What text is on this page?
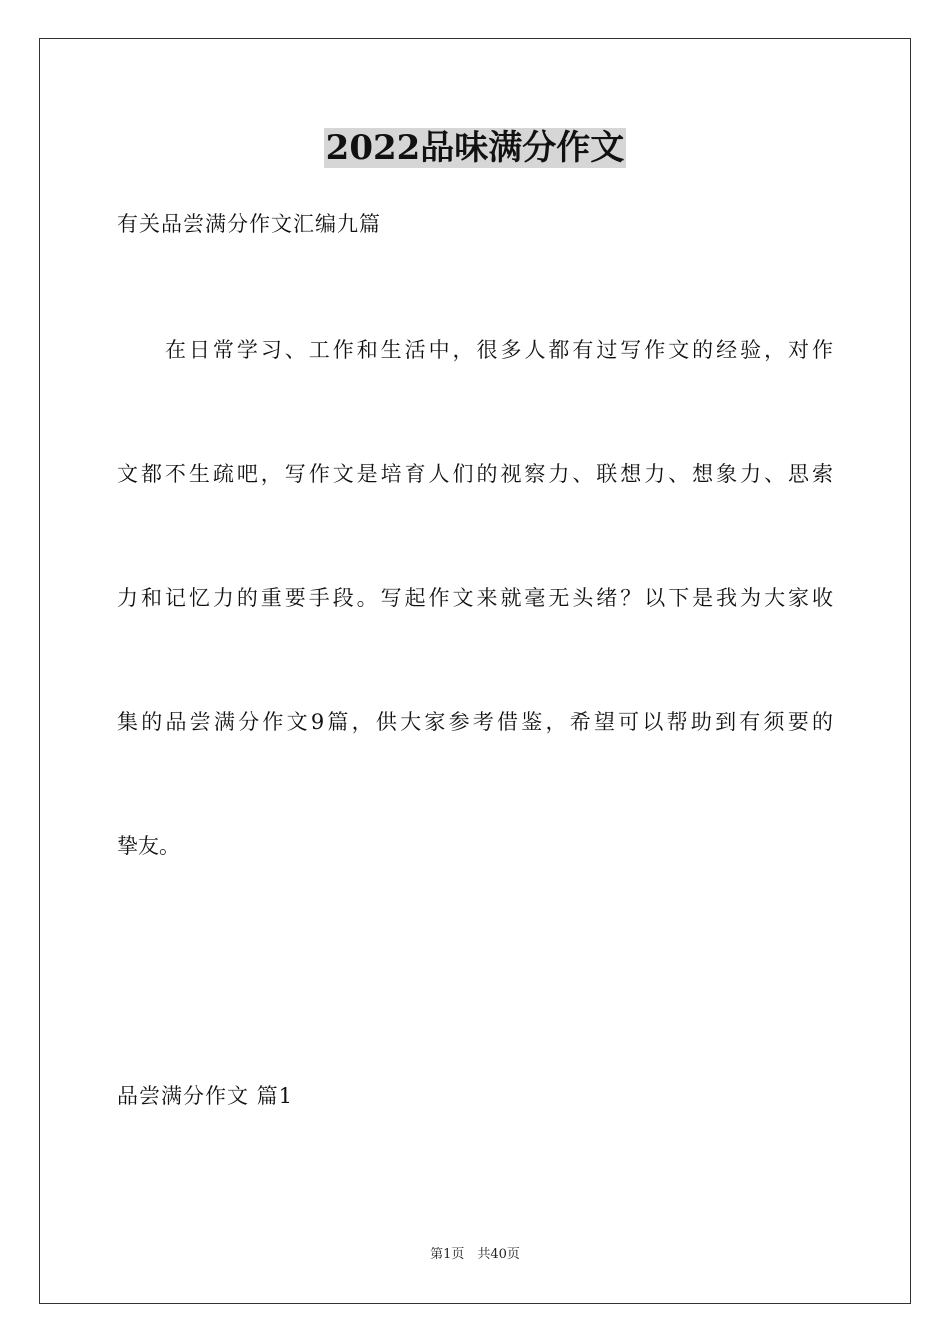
2022品味满分作文

有关品尝满分作文汇编九篇

在日常学习、工作和生活中，很多人都有过写作文的经验，对作

文都不生疏吧，写作文是培育人们的视察力、联想力、想象力、思索

力和记忆力的重要手段。写起作文来就毫无头绪？以下是我为大家收

集的品尝满分作文9篇，供大家参考借鉴，希望可以帮助到有须要的

挚友。

品尝满分作文 篇1

第1页　共40页
